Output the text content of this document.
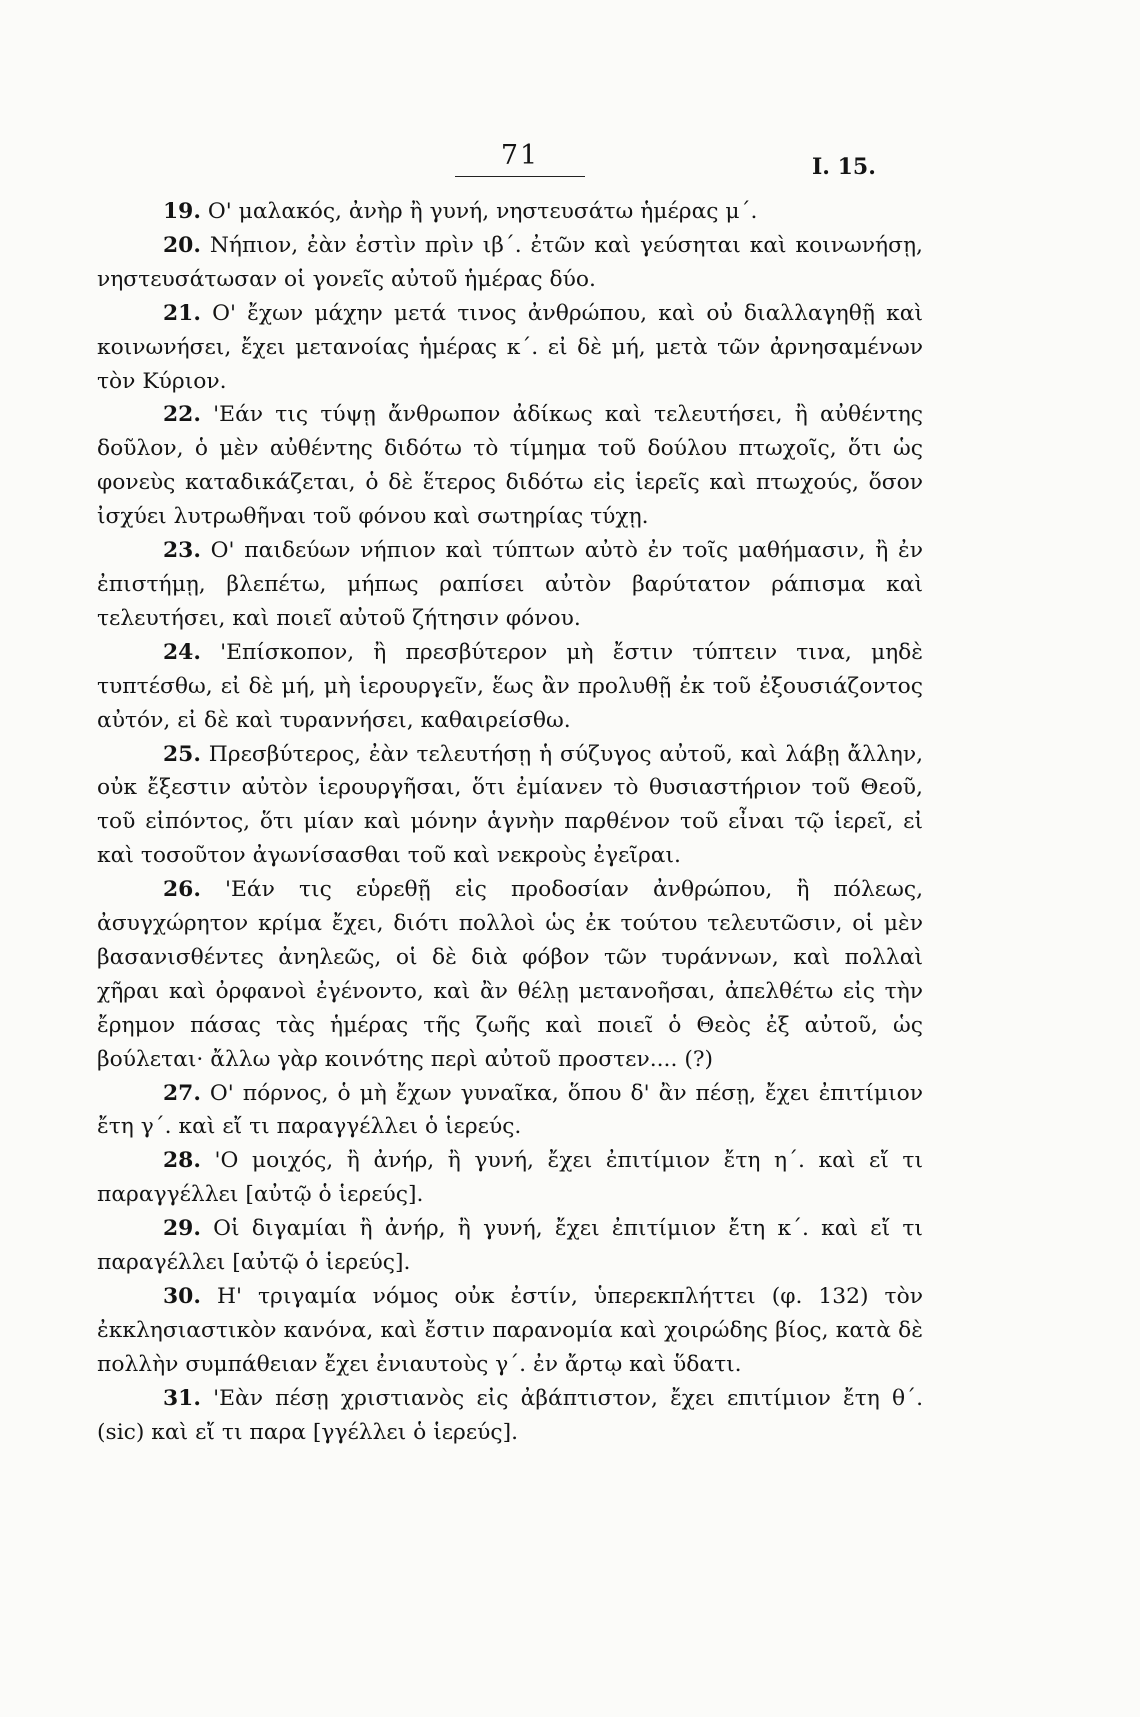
71	Ι. 15.

19. Ο' μαλακός, ἀνὴρ ἢ γυνή, νηστευσάτω ἡμέρας μ΄.

20. Νήπιον, ἐὰν ἐστὶν πρὶν ιβ΄. ἐτῶν καὶ γεύσηται καὶ κοινωνήσῃ, νηστευσάτωσαν οἱ γονεῖς αὐτοῦ ἡμέρας δύο.

21. Ο' ἔχων μάχην μετά τινος ἀνθρώπου, καὶ οὐ διαλλαγηθῇ καὶ κοινωνήσει, ἔχει μετανοίας ἡμέρας κ΄. εἰ δὲ μή, μετὰ τῶν ἀρνησαμένων τὸν Κύριον.

22. 'Εάν τις τύψῃ ἄνθρωπον ἀδίκως καὶ τελευτήσει, ἢ αὐθέντης δοῦλον, ὁ μὲν αὐθέντης διδότω τὸ τίμημα τοῦ δούλου πτωχοῖς, ὅτι ὡς φονεὺς καταδικάζεται, ὁ δὲ ἕτερος διδότω εἰς ἱερεῖς καὶ πτωχούς, ὅσον ἰσχύει λυτρωθῆναι τοῦ φόνου καὶ σωτηρίας τύχῃ.

23. Ο' παιδεύων νήπιον καὶ τύπτων αὐτὸ ἐν τοῖς μαθήμασιν, ἢ ἐν ἐπιστήμῃ, βλεπέτω, μήπως ραπίσει αὐτὸν βαρύτατον ράπισμα καὶ τελευτήσει, καὶ ποιεῖ αὐτοῦ ζήτησιν φόνου.

24. 'Επίσκοπον, ἢ πρεσβύτερον μὴ ἔστιν τύπτειν τινα, μηδὲ τυπτέσθω, εἰ δὲ μή, μὴ ἱερουργεῖν, ἕως ἂν προλυθῇ ἐκ τοῦ ἐξουσιάζοντος αὐτόν, εἰ δὲ καὶ τυραννήσει, καθαιρείσθω.

25. Πρεσβύτερος, ἐὰν τελευτήσῃ ἡ σύζυγος αὐτοῦ, καὶ λάβῃ ἄλλην, οὐκ ἔξεστιν αὐτὸν ἱερουργῆσαι, ὅτι ἐμίανεν τὸ θυσιαστήριον τοῦ Θεοῦ, τοῦ εἰπόντος, ὅτι μίαν καὶ μόνην ἁγνὴν παρθένον τοῦ εἶναι τῷ ἱερεῖ, εἰ καὶ τοσοῦτον ἀγωνίσασθαι τοῦ καὶ νεκροὺς ἐγεῖραι.

26. 'Εάν τις εὑρεθῇ εἰς προδοσίαν ἀνθρώπου, ἢ πόλεως, ἀσυγχώρητον κρίμα ἔχει, διότι πολλοὶ ὡς ἐκ τούτου τελευτῶσιν, οἱ μὲν βασανισθέντες ἀνηλεῶς, οἱ δὲ διὰ φόβον τῶν τυράννων, καὶ πολλαὶ χῆραι καὶ ὀρφανοὶ ἐγένοντο, καὶ ἂν θέλῃ μετανοῆσαι, ἀπελθέτω εἰς τὴν ἔρημον πάσας τὰς ἡμέρας τῆς ζωῆς καὶ ποιεῖ ὁ Θεὸς ἐξ αὐτοῦ, ὡς βούλεται· ἄλλω γὰρ κοινότης περὶ αὐτοῦ προστεν.... (?)

27. Ο' πόρνος, ὁ μὴ ἔχων γυναῖκα, ὅπου δ' ἂν πέσῃ, ἔχει ἐπιτίμιον ἔτη γ΄. καὶ εἴ τι παραγγέλλει ὁ ἱερεύς.

28. 'Ο μοιχός, ἢ ἀνήρ, ἢ γυνή, ἔχει ἐπιτίμιον ἔτη η΄. καὶ εἴ τι παραγγέλλει [αὐτῷ ὁ ἱερεύς].

29. Οἱ διγαμίαι ἢ ἀνήρ, ἢ γυνή, ἔχει ἐπιτίμιον ἔτη κ΄. καὶ εἴ τι παραγέλλει [αὐτῷ ὁ ἱερεύς].

30. Η' τριγαμία νόμος οὐκ ἐστίν, ὑπερεκπλήττει (φ. 132) τὸν ἐκκλησιαστικὸν κανόνα, καὶ ἔστιν παρανομία καὶ χοιρώδης βίος, κατὰ δὲ πολλὴν συμπάθειαν ἔχει ἐνιαυτοὺς γ΄. ἐν ἄρτῳ καὶ ὕδατι.

31. 'Εὰν πέσῃ χριστιανὸς εἰς ἀβάπτιστον, ἔχει επιτίμιον ἔτη θ΄. (sic) καὶ εἴ τι παρα [γγέλλει ὁ ἱερεύς].
